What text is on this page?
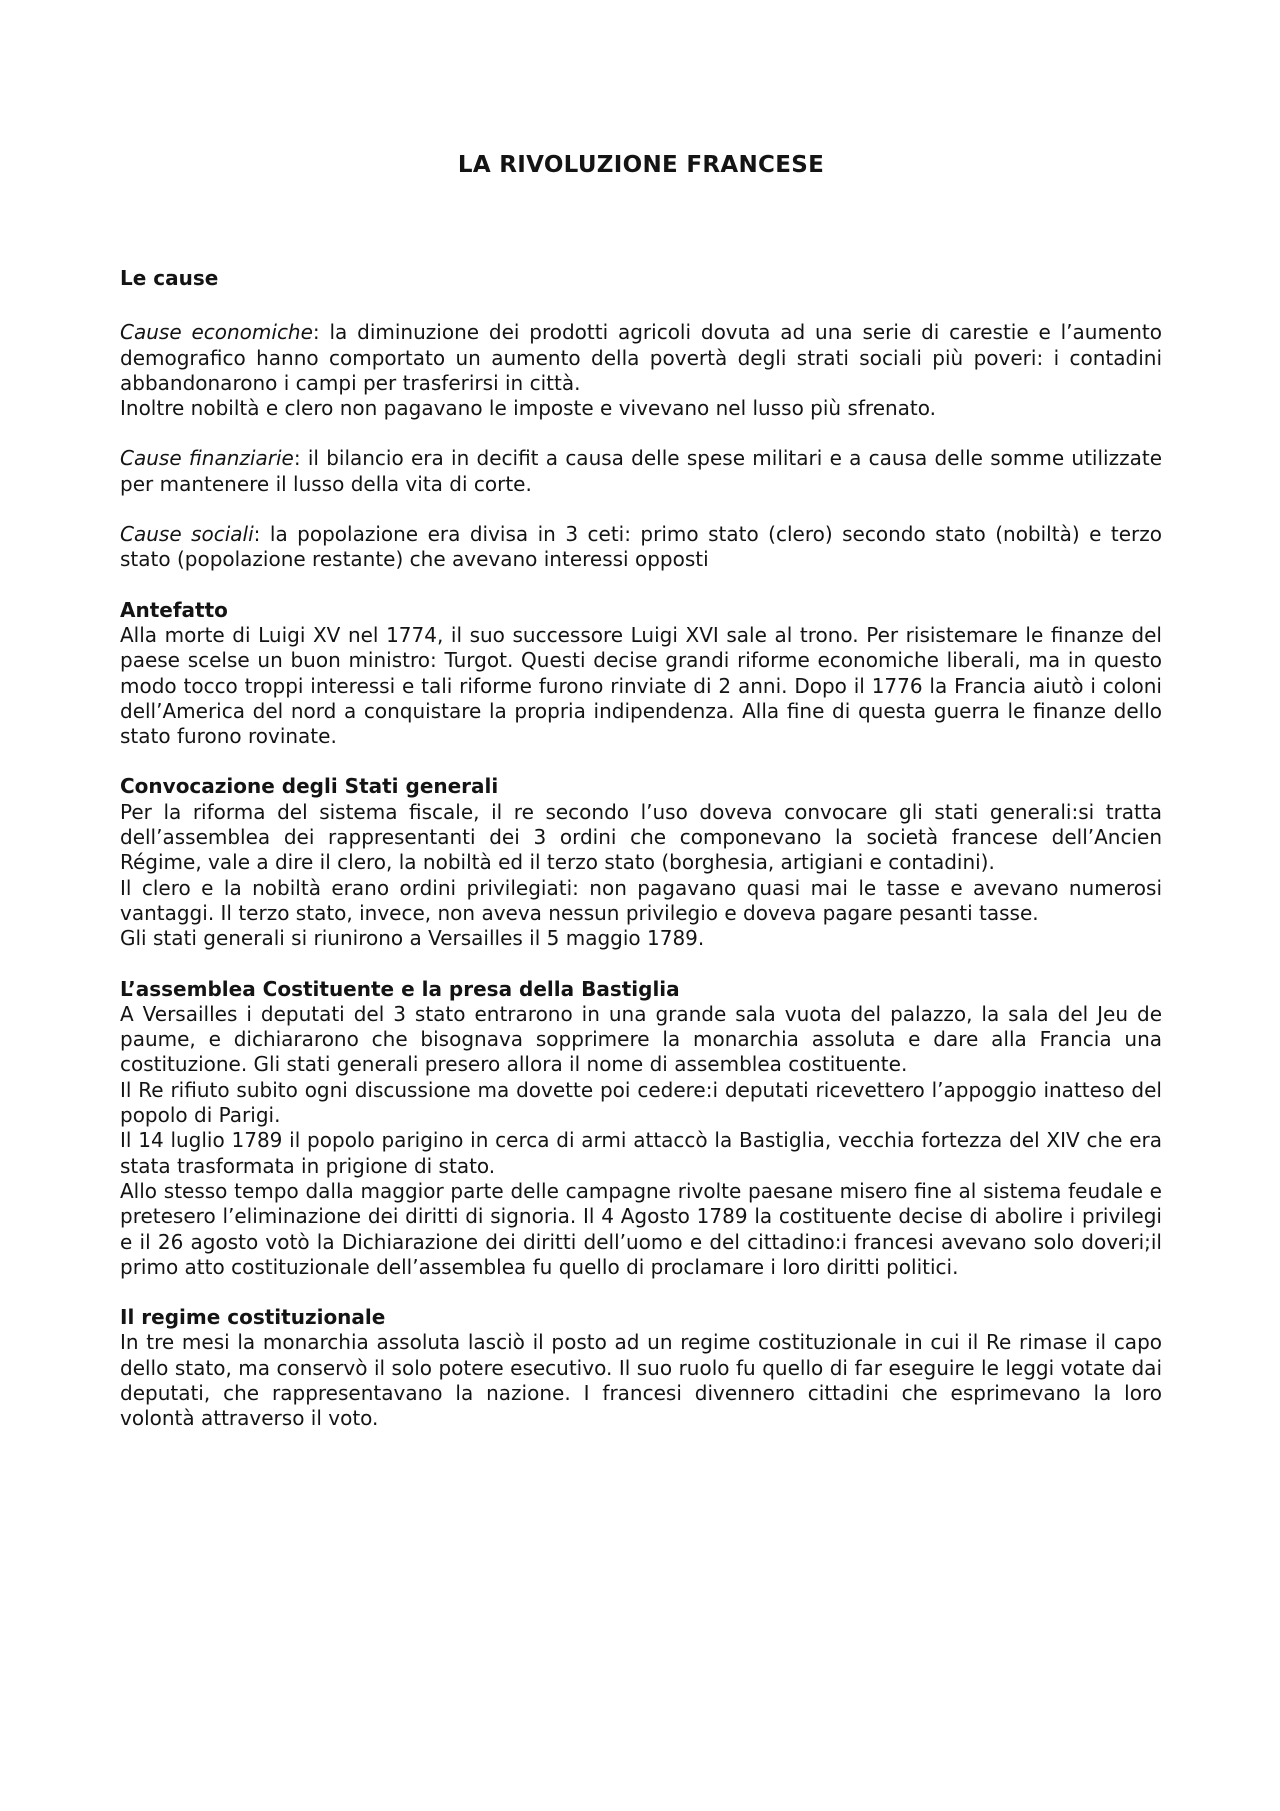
LA RIVOLUZIONE FRANCESE

Le cause

Cause economiche: la diminuzione dei prodotti agricoli dovuta ad una serie di carestie e l’aumento demografico hanno comportato un aumento della povertà degli strati sociali più poveri: i contadini abbandonarono i campi per trasferirsi in città.

Inoltre nobiltà e clero non pagavano le imposte e vivevano nel lusso più sfrenato.

Cause finanziarie: il bilancio era in decifit a causa delle spese militari e a causa delle somme utilizzate per mantenere il lusso della vita di corte.

Cause sociali: la popolazione era divisa in 3 ceti: primo stato (clero) secondo stato (nobiltà) e terzo stato (popolazione restante) che avevano interessi opposti

Antefatto

Alla morte di Luigi XV nel 1774, il suo successore Luigi XVI sale al trono. Per risistemare le finanze del paese scelse un buon ministro: Turgot. Questi decise grandi riforme economiche liberali, ma in questo modo tocco troppi interessi e tali riforme furono rinviate di 2 anni. Dopo il 1776 la Francia aiutò i coloni dell’America del nord a conquistare la propria indipendenza. Alla fine di questa guerra le finanze dello stato furono rovinate.

Convocazione degli Stati generali

Per la riforma del sistema fiscale, il re secondo l’uso doveva convocare gli stati generali:si tratta dell’assemblea dei rappresentanti dei 3 ordini che componevano la società francese dell’Ancien Régime, vale a dire il clero, la nobiltà ed il terzo stato (borghesia, artigiani e contadini).

Il clero e la nobiltà erano ordini privilegiati: non pagavano quasi mai le tasse e avevano numerosi vantaggi. Il terzo stato, invece, non aveva nessun privilegio e doveva pagare pesanti tasse.

Gli stati generali si riunirono a Versailles il 5 maggio 1789.

L’assemblea Costituente e la presa della Bastiglia

A Versailles i deputati del 3 stato entrarono in una grande sala vuota del palazzo, la sala del Jeu de paume, e dichiararono che bisognava sopprimere la monarchia assoluta e dare alla Francia una costituzione. Gli stati generali presero allora il nome di assemblea costituente.

Il Re rifiuto subito ogni discussione ma dovette poi cedere:i deputati ricevettero l’appoggio inatteso del popolo di Parigi.

Il 14 luglio 1789 il popolo parigino in cerca di armi attaccò la Bastiglia, vecchia fortezza del XIV che era stata trasformata in prigione di stato.

Allo stesso tempo dalla maggior parte delle campagne rivolte paesane misero fine al sistema feudale e pretesero l’eliminazione dei diritti di signoria. Il 4 Agosto 1789 la costituente decise di abolire i privilegi e il 26 agosto votò la Dichiarazione dei diritti dell’uomo e del cittadino:i francesi avevano solo doveri;il primo atto costituzionale dell’assemblea fu quello di proclamare i loro diritti politici.

Il regime costituzionale

In tre mesi la monarchia assoluta lasciò il posto ad un regime costituzionale in cui il Re rimase il capo dello stato, ma conservò il solo potere esecutivo. Il suo ruolo fu quello di far eseguire le leggi votate dai deputati, che rappresentavano la nazione. I francesi divennero cittadini che esprimevano la loro volontà attraverso il voto.
